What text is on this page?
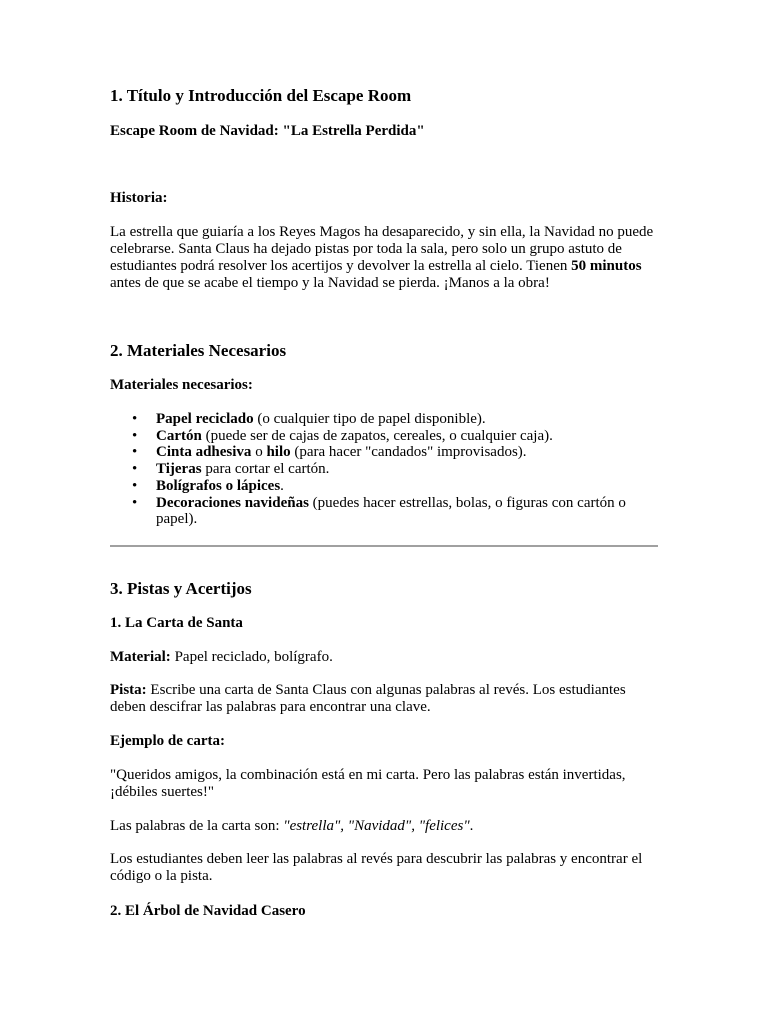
1. Título y Introducción del Escape Room

Escape Room de Navidad: "La Estrella Perdida"

Historia:

La estrella que guiaría a los Reyes Magos ha desaparecido, y sin ella, la Navidad no puede celebrarse. Santa Claus ha dejado pistas por toda la sala, pero solo un grupo astuto de estudiantes podrá resolver los acertijos y devolver la estrella al cielo. Tienen 50 minutos antes de que se acabe el tiempo y la Navidad se pierda. ¡Manos a la obra!

2. Materiales Necesarios

Materiales necesarios:

• Papel reciclado (o cualquier tipo de papel disponible).
• Cartón (puede ser de cajas de zapatos, cereales, o cualquier caja).
• Cinta adhesiva o hilo (para hacer "candados" improvisados).
• Tijeras para cortar el cartón.
• Bolígrafos o lápices.
• Decoraciones navideñas (puedes hacer estrellas, bolas, o figuras con cartón o papel).
3. Pistas y Acertijos

1. La Carta de Santa

Material: Papel reciclado, bolígrafo.

Pista: Escribe una carta de Santa Claus con algunas palabras al revés. Los estudiantes deben descifrar las palabras para encontrar una clave.

Ejemplo de carta:

"Queridos amigos, la combinación está en mi carta. Pero las palabras están invertidas, ¡débiles suertes!"

Las palabras de la carta son: "estrella", "Navidad", "felices".

Los estudiantes deben leer las palabras al revés para descubrir las palabras y encontrar el código o la pista.

2. El Árbol de Navidad Casero
